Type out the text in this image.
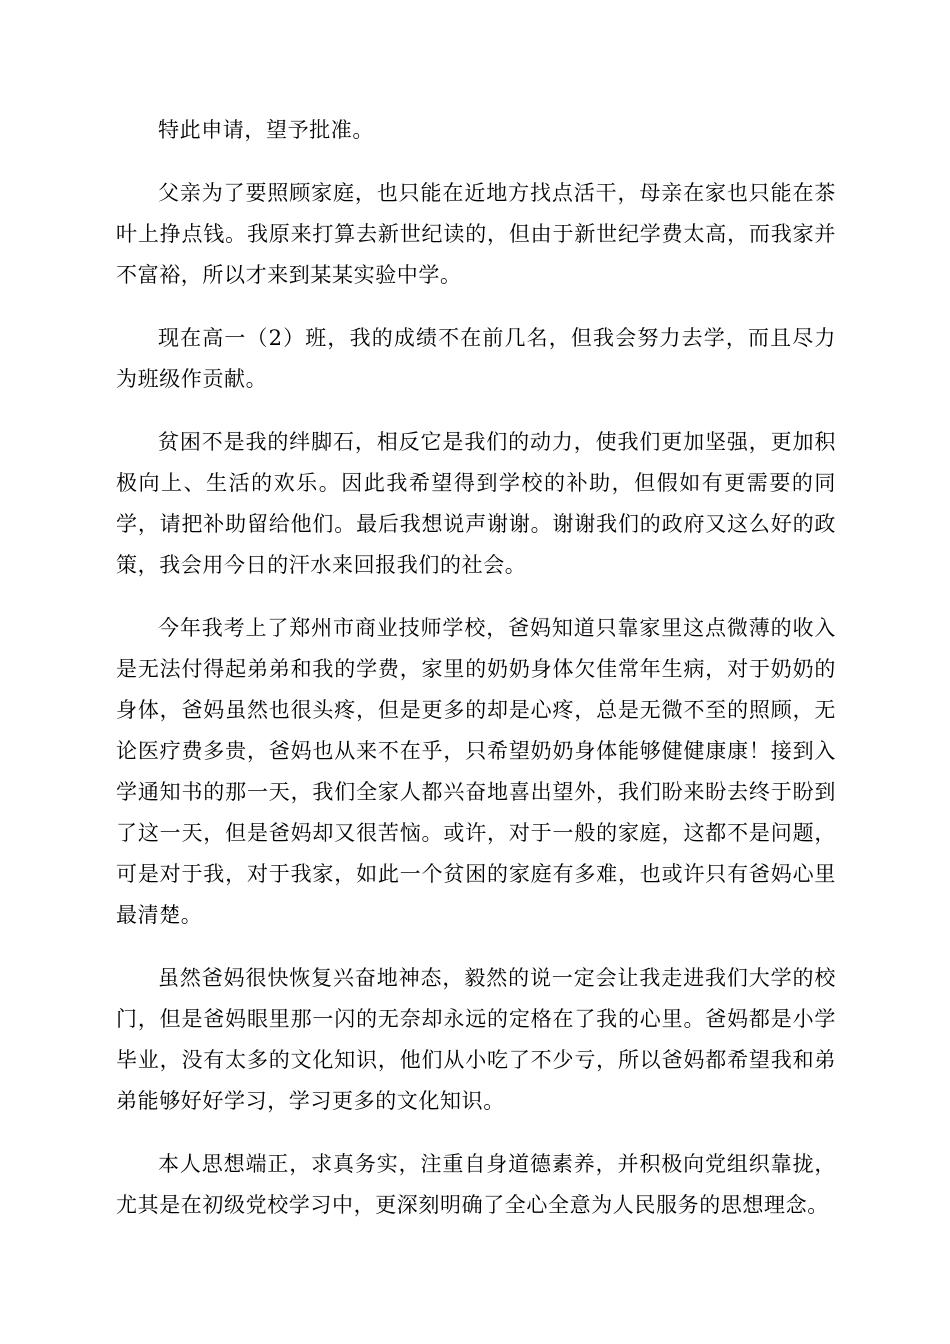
特此申请，望予批准。

父亲为了要照顾家庭，也只能在近地方找点活干，母亲在家也只能在茶叶上挣点钱。我原来打算去新世纪读的，但由于新世纪学费太高，而我家并不富裕，所以才来到某某实验中学。

现在高一（2）班，我的成绩不在前几名，但我会努力去学，而且尽力为班级作贡献。

贫困不是我的绊脚石，相反它是我们的动力，使我们更加坚强，更加积极向上、生活的欢乐。因此我希望得到学校的补助，但假如有更需要的同学，请把补助留给他们。最后我想说声谢谢。谢谢我们的政府又这么好的政策，我会用今日的汗水来回报我们的社会。

今年我考上了郑州市商业技师学校，爸妈知道只靠家里这点微薄的收入是无法付得起弟弟和我的学费，家里的奶奶身体欠佳常年生病，对于奶奶的身体，爸妈虽然也很头疼，但是更多的却是心疼，总是无微不至的照顾，无论医疗费多贵，爸妈也从来不在乎，只希望奶奶身体能够健健康康！接到入学通知书的那一天，我们全家人都兴奋地喜出望外，我们盼来盼去终于盼到了这一天，但是爸妈却又很苦恼。或许，对于一般的家庭，这都不是问题，可是对于我，对于我家，如此一个贫困的家庭有多难，也或许只有爸妈心里最清楚。

虽然爸妈很快恢复兴奋地神态，毅然的说一定会让我走进我们大学的校门，但是爸妈眼里那一闪的无奈却永远的定格在了我的心里。爸妈都是小学毕业，没有太多的文化知识，他们从小吃了不少亏，所以爸妈都希望我和弟弟能够好好学习，学习更多的文化知识。

本人思想端正，求真务实，注重自身道德素养，并积极向党组织靠拢，尤其是在初级党校学习中，更深刻明确了全心全意为人民服务的思想理念。
